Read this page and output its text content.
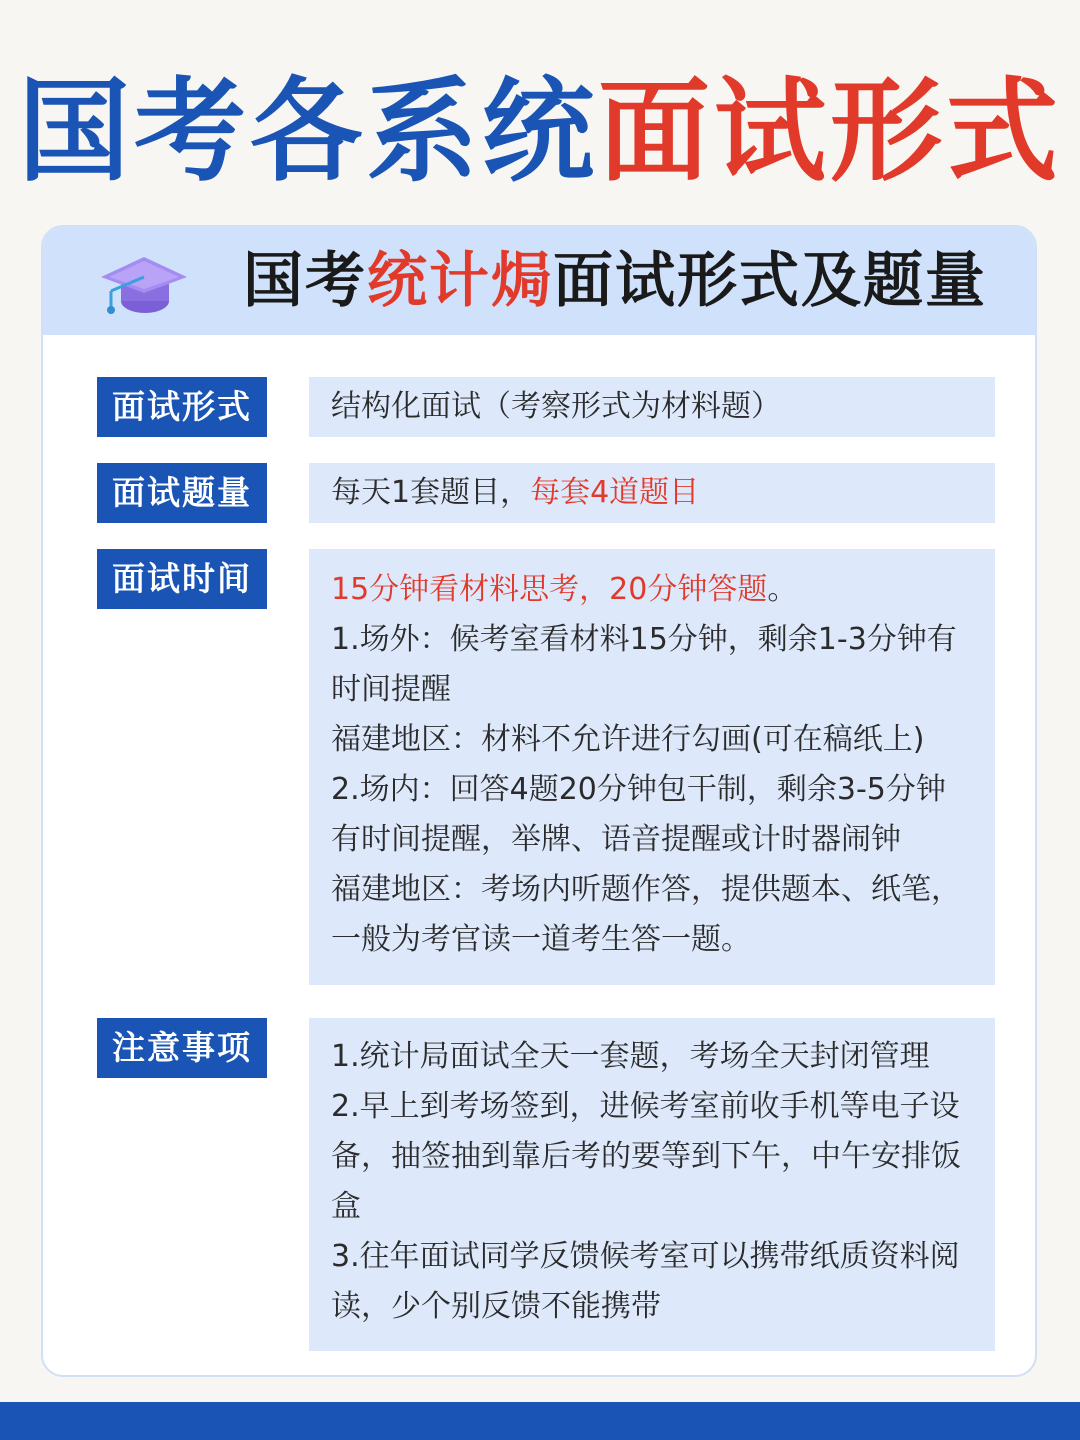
国考各系统面试形式
国考统计焗面试形式及题量
面试形式	结构化面试（考察形式为材料题）

面试题量	每天1套题目，每套4道题目

面试时间	15分钟看材料思考，20分钟答题。

1.场外：候考室看材料15分钟，剩余1-3分钟有

时间提醒

福建地区：材料不允许进行勾画(可在稿纸上)

2.场内：回答4题20分钟包干制，剩余3-5分钟

有时间提醒，举牌、语音提醒或计时器闹钟

福建地区：考场内听题作答，提供题本、纸笔，

一般为考官读一道考生答一题。

注意事项	1.统计局面试全天一套题，考场全天封闭管理

2.早上到考场签到，进候考室前收手机等电子设

备，抽签抽到靠后考的要等到下午，中午安排饭

盒

3.往年面试同学反馈候考室可以携带纸质资料阅

读，少个别反馈不能携带
